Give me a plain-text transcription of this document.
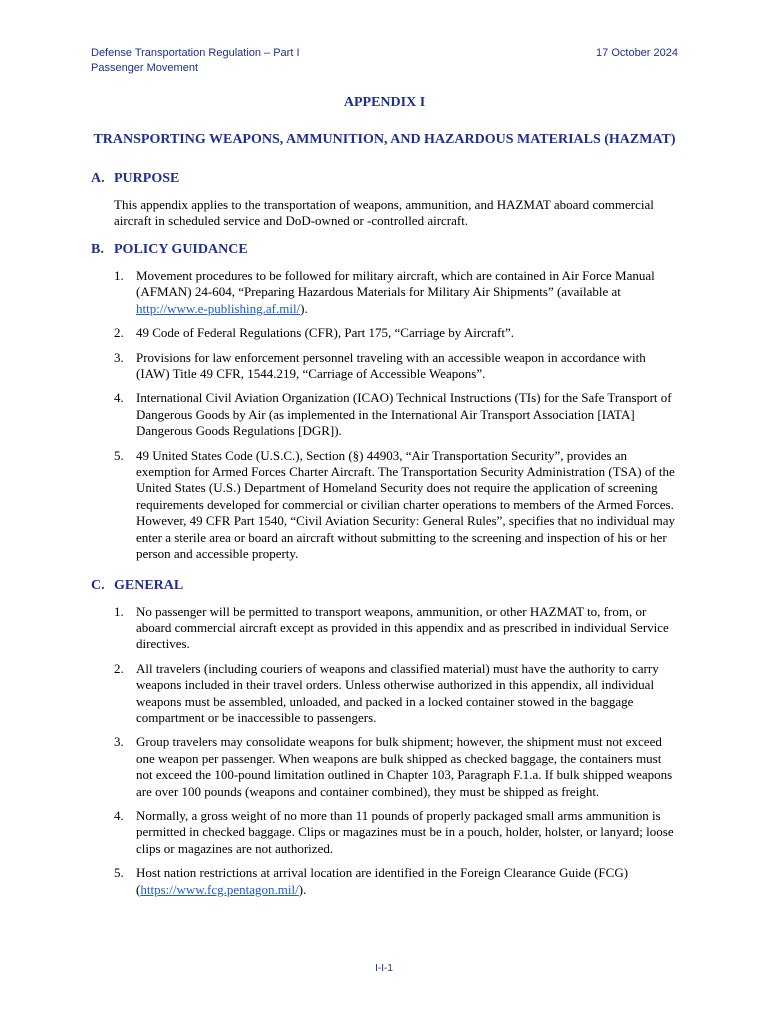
Defense Transportation Regulation – Part I
Passenger Movement
17 October 2024
APPENDIX I
TRANSPORTING WEAPONS, AMMUNITION, AND HAZARDOUS MATERIALS (HAZMAT)
A. PURPOSE
This appendix applies to the transportation of weapons, ammunition, and HAZMAT aboard commercial aircraft in scheduled service and DoD-owned or -controlled aircraft.
B. POLICY GUIDANCE
1. Movement procedures to be followed for military aircraft, which are contained in Air Force Manual (AFMAN) 24-604, “Preparing Hazardous Materials for Military Air Shipments” (available at http://www.e-publishing.af.mil/).
2. 49 Code of Federal Regulations (CFR), Part 175, “Carriage by Aircraft”.
3. Provisions for law enforcement personnel traveling with an accessible weapon in accordance with (IAW) Title 49 CFR, 1544.219, “Carriage of Accessible Weapons”.
4. International Civil Aviation Organization (ICAO) Technical Instructions (TIs) for the Safe Transport of Dangerous Goods by Air (as implemented in the International Air Transport Association [IATA] Dangerous Goods Regulations [DGR]).
5. 49 United States Code (U.S.C.), Section (§) 44903, “Air Transportation Security”, provides an exemption for Armed Forces Charter Aircraft. The Transportation Security Administration (TSA) of the United States (U.S.) Department of Homeland Security does not require the application of screening requirements developed for commercial or civilian charter operations to members of the Armed Forces. However, 49 CFR Part 1540, “Civil Aviation Security: General Rules”, specifies that no individual may enter a sterile area or board an aircraft without submitting to the screening and inspection of his or her person and accessible property.
C. GENERAL
1. No passenger will be permitted to transport weapons, ammunition, or other HAZMAT to, from, or aboard commercial aircraft except as provided in this appendix and as prescribed in individual Service directives.
2. All travelers (including couriers of weapons and classified material) must have the authority to carry weapons included in their travel orders. Unless otherwise authorized in this appendix, all individual weapons must be assembled, unloaded, and packed in a locked container stowed in the baggage compartment or be inaccessible to passengers.
3. Group travelers may consolidate weapons for bulk shipment; however, the shipment must not exceed one weapon per passenger. When weapons are bulk shipped as checked baggage, the containers must not exceed the 100-pound limitation outlined in Chapter 103, Paragraph F.1.a. If bulk shipped weapons are over 100 pounds (weapons and container combined), they must be shipped as freight.
4. Normally, a gross weight of no more than 11 pounds of properly packaged small arms ammunition is permitted in checked baggage. Clips or magazines must be in a pouch, holder, holster, or lanyard; loose clips or magazines are not authorized.
5. Host nation restrictions at arrival location are identified in the Foreign Clearance Guide (FCG) (https://www.fcg.pentagon.mil/).
I-I-1
